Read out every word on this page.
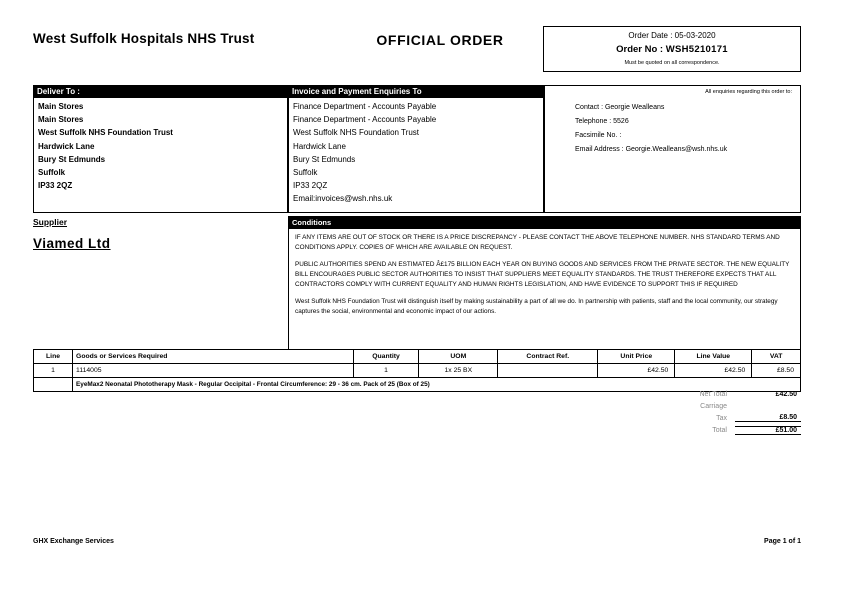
West Suffolk Hospitals NHS Trust	OFFICIAL ORDER	Order Date : 05-03-2020
Order No : WSH5210171
Must be quoted on all correspondence.
Deliver To :
Main Stores
Main Stores
West Suffolk NHS Foundation Trust
Hardwick Lane
Bury St Edmunds
Suffolk
IP33 2QZ
Invoice and Payment Enquiries To
Finance Department - Accounts Payable
Finance Department - Accounts Payable
West Suffolk NHS Foundation Trust
Hardwick Lane
Bury St Edmunds
Suffolk
IP33 2QZ
Email:invoices@wsh.nhs.uk
All enquiries regarding this order to:
Contact : Georgie Wealleans
Telephone : 5526
Facsimile No. :
Email Address : Georgie.Wealleans@wsh.nhs.uk
Supplier
Viamed Ltd
Conditions

IF ANY ITEMS ARE OUT OF STOCK OR THERE IS A PRICE DISCREPANCY - PLEASE CONTACT THE ABOVE TELEPHONE NUMBER. NHS STANDARD TERMS AND CONDITIONS APPLY. COPIES OF WHICH ARE AVAILABLE ON REQUEST.

PUBLIC AUTHORITIES SPEND AN ESTIMATED Â£175 BILLION EACH YEAR ON BUYING GOODS AND SERVICES FROM THE PRIVATE SECTOR. THE NEW EQUALITY BILL ENCOURAGES PUBLIC SECTOR AUTHORITIES TO INSIST THAT SUPPLIERS MEET EQUALITY STANDARDS. THE TRUST THEREFORE EXPECTS THAT ALL CONTRACTORS COMPLY WITH CURRENT EQUALITY AND HUMAN RIGHTS LEGISLATION, AND HAVE EVIDENCE TO SUPPORT THIS IF REQUIRED

West Suffolk NHS Foundation Trust will distinguish itself by making sustainability a part of all we do. In partnership with patients, staff and the local community, our strategy captures the social, environmental and economic impact of our actions.

Line	Goods or Services Required	Quantity	UOM	Contract Ref.	Unit Price	Line Value	VAT
1	1114005	1	1x 25 BX		£42.50	£42.50	£8.50
	EyeMax2 Neonatal Phototherapy Mask - Regular Occipital - Frontal Circumference: 29 - 36 cm. Pack of 25 (Box of 25)						
Net Total	£42.50
Carriage
Tax	£8.50
Total	£51.00
GHX Exchange Services	Page 1 of 1
